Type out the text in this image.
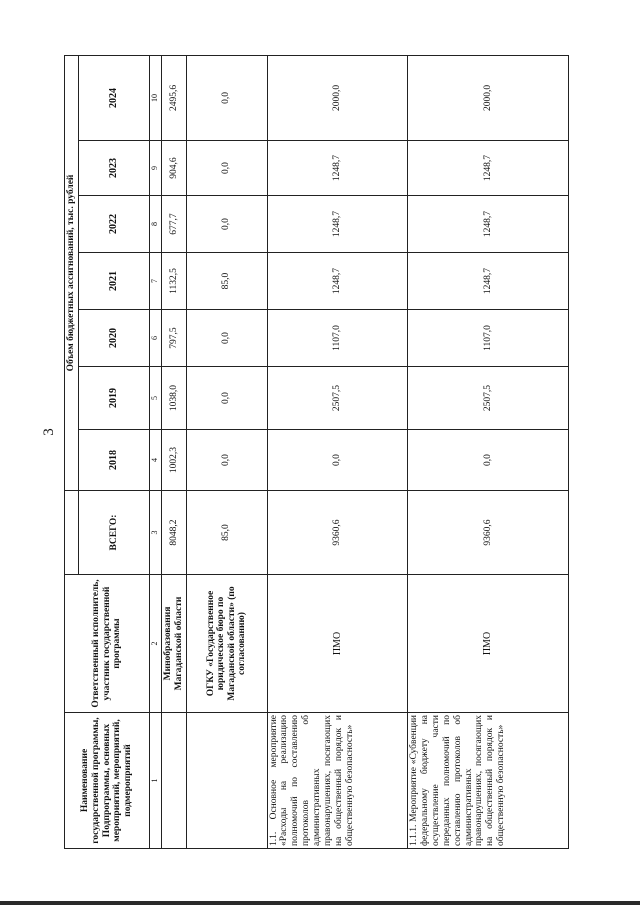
3
Наименование государственной программы, Подпрограммы, основных мероприятий, мероприятий, подмероприятий	Ответственный исполнитель, участник государственной программы		Объем бюджетных ассигнований, тыс. рублей						
		ВСЕГО:	2018	2019	2020	2021	2022	2023	2024
1	2	3	4	5	6	7	8	9	10
	Минобразования Магаданской области	8048,2	1002,3	1038,0	797,5	1132,5	677,7	904,6	2495,6
	ОГКУ «Государственное юридическое бюро по Магаданской области» (по согласованию)	85,0	0,0	0,0	0,0	85,0	0,0	0,0	0,0
1.1. Основное мероприятие «Расходы на реализацию полномочий по составлению протоколов об административных правонарушениях, посягающих на общественный порядок и общественную безопасность»	ПМО	9360,6	0,0	2507,5	1107,0	1248,7	1248,7	1248,7	2000,0
1.1.1. Мероприятие «Субвенции федеральному бюджету на осуществление части переданных полномочий по составлению протоколов об административных правонарушениях, посягающих на общественный порядок и общественную безопасность»	ПМО	9360,6	0,0	2507,5	1107,0	1248,7	1248,7	1248,7	2000,0
